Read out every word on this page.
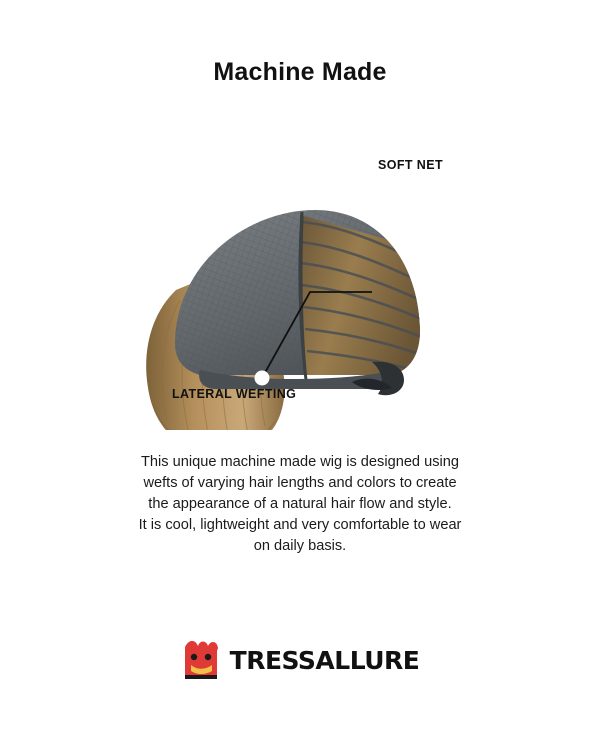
Machine Made
SOFT NET
LATERAL WEFTING
This unique machine made wig is designed using
wefts of varying hair lengths and colors to create
the appearance of a natural hair flow and style.
It is cool, lightweight and very comfortable to wear
on daily basis.
TRESSALLURE
